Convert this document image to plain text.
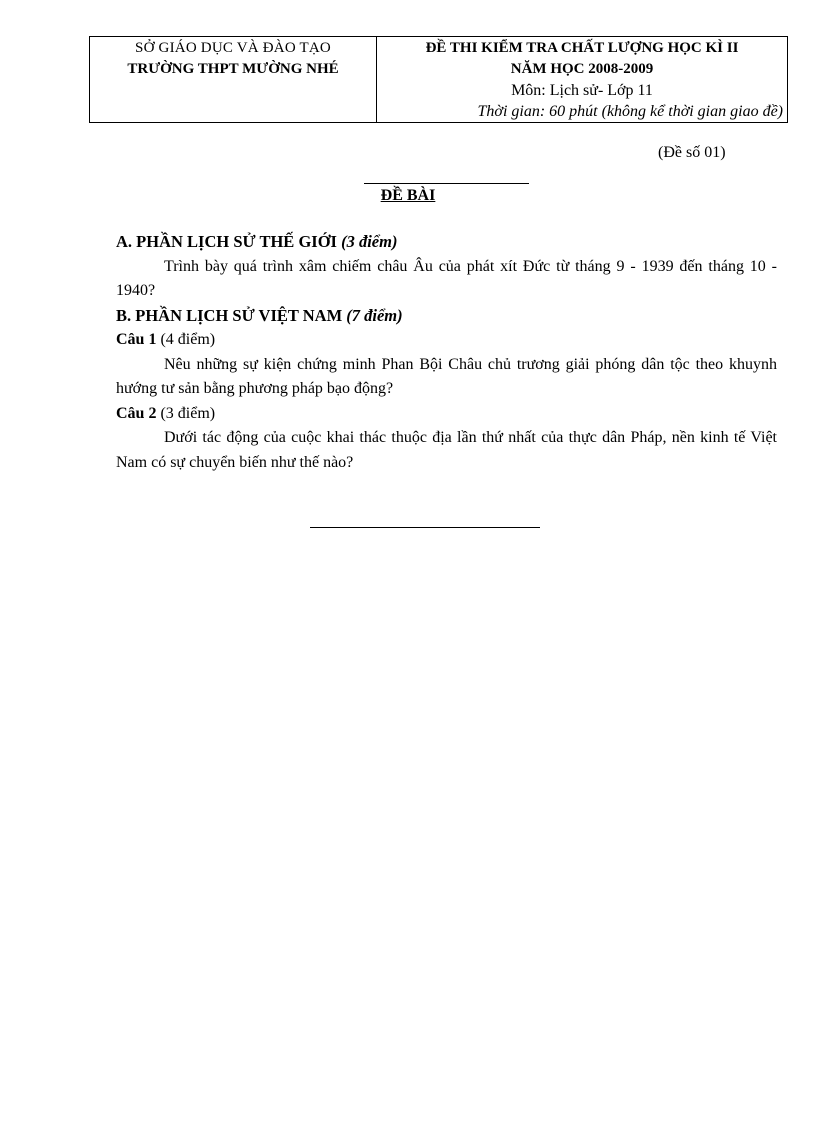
SỞ GIÁO DỤC VÀ ĐÀO TẠO
TRƯỜNG THPT MƯỜNG NHÉ

ĐỀ THI KIỂM TRA CHẤT LƯỢNG HỌC KÌ II
NĂM HỌC 2008-2009
Môn: Lịch sử- Lớp 11
Thời gian: 60 phút (không kể thời gian giao đề)
(Đề số 01)
ĐỀ BÀI

A. PHẦN LỊCH SỬ THẾ GIỚI (3 điểm)

Trình bày quá trình xâm chiếm châu Âu của phát xít Đức từ tháng 9 - 1939 đến tháng 10 - 1940?

B. PHẦN LỊCH SỬ VIỆT NAM (7 điểm)

Câu 1 (4 điểm)

Nêu những sự kiện chứng minh Phan Bội Châu chủ trương giải phóng dân tộc theo khuynh hướng tư sản bằng phương pháp bạo động?

Câu 2 (3 điểm)

Dưới tác động của cuộc khai thác thuộc địa lần thứ nhất của thực dân Pháp, nền kinh tế Việt Nam có sự chuyển biến như thế nào?
